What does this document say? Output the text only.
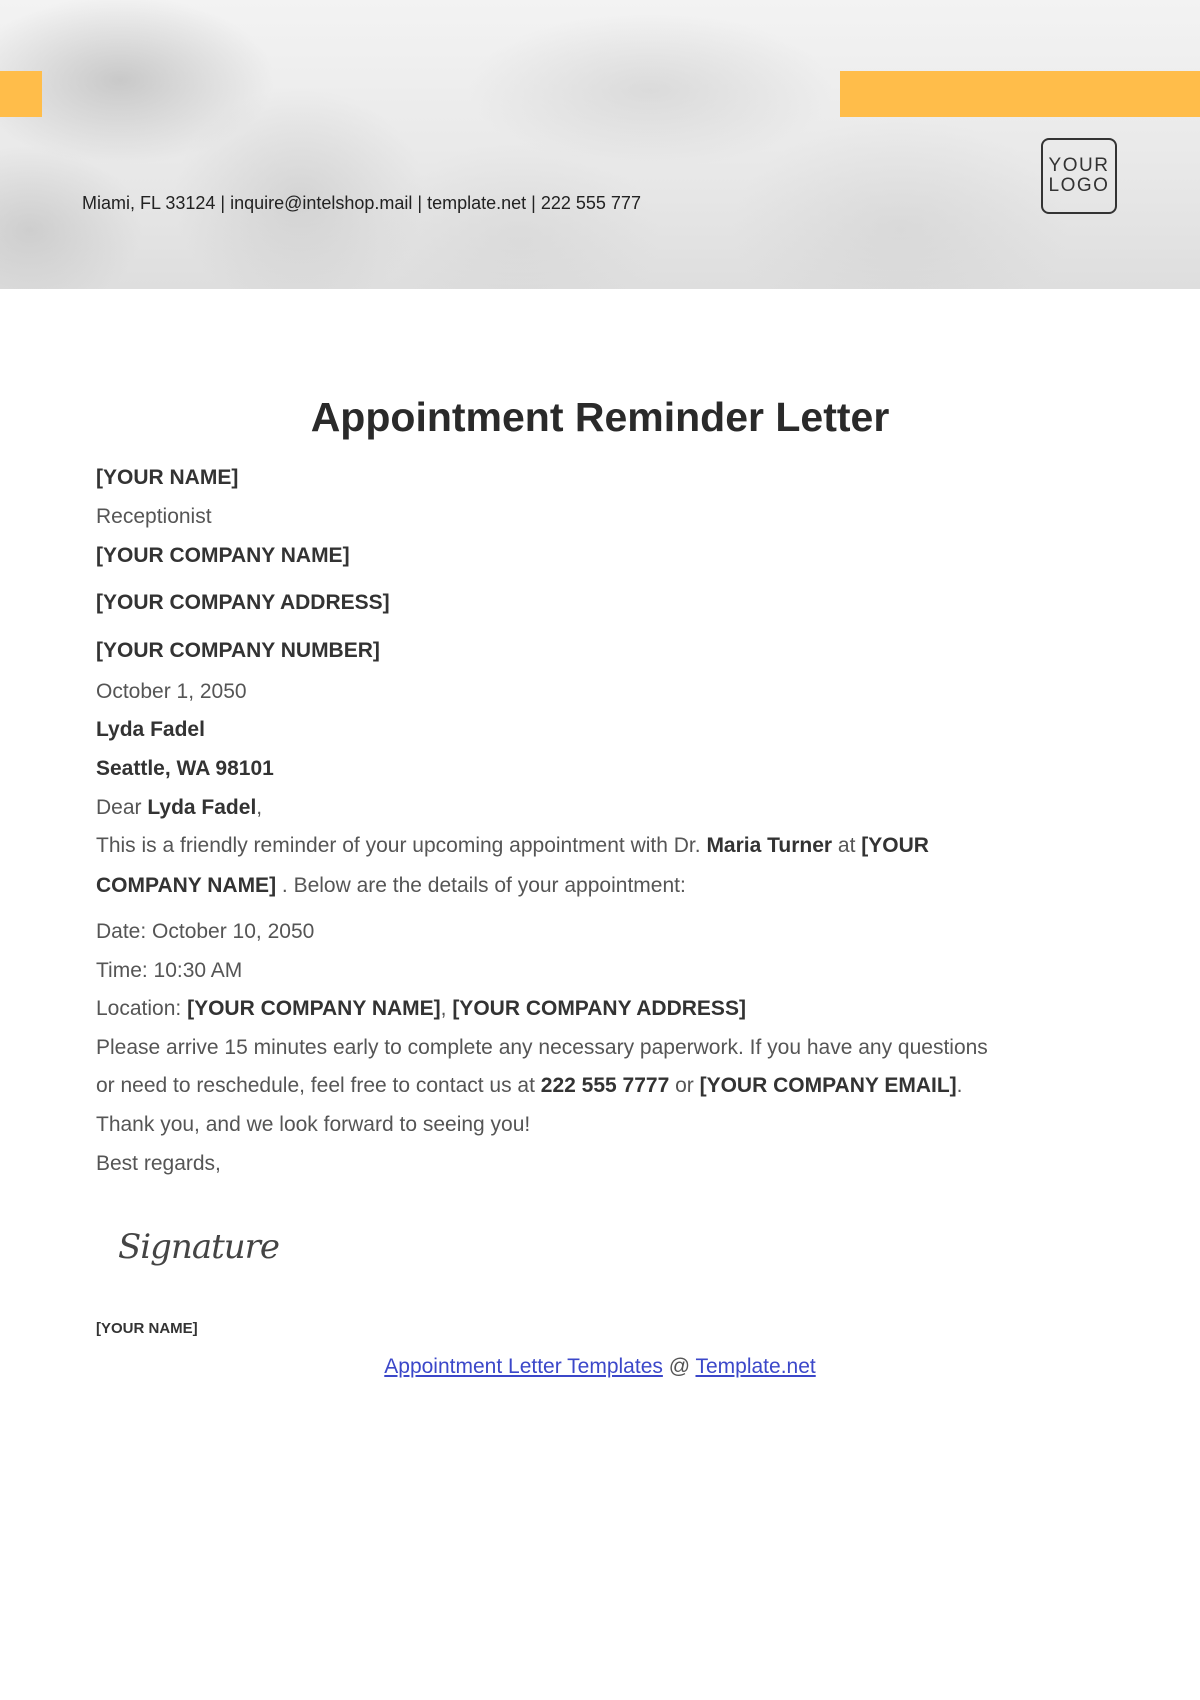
Miami, FL 33124 | inquire@intelshop.mail | template.net | 222 555 777
YOUR
LOGO
Appointment Reminder Letter
[YOUR NAME]
Receptionist
[YOUR COMPANY NAME]
[YOUR COMPANY ADDRESS]
[YOUR COMPANY NUMBER]
October 1, 2050
Lyda Fadel
Seattle, WA 98101
Dear Lyda Fadel,
This is a friendly reminder of your upcoming appointment with Dr. Maria Turner at [YOUR
COMPANY NAME] . Below are the details of your appointment:
Date: October 10, 2050
Time: 10:30 AM
Location: [YOUR COMPANY NAME], [YOUR COMPANY ADDRESS]
Please arrive 15 minutes early to complete any necessary paperwork. If you have any questions
or need to reschedule, feel free to contact us at 222 555 7777 or [YOUR COMPANY EMAIL].
Thank you, and we look forward to seeing you!
Best regards,
Signature
[YOUR NAME]
Appointment Letter Templates @ Template.net
